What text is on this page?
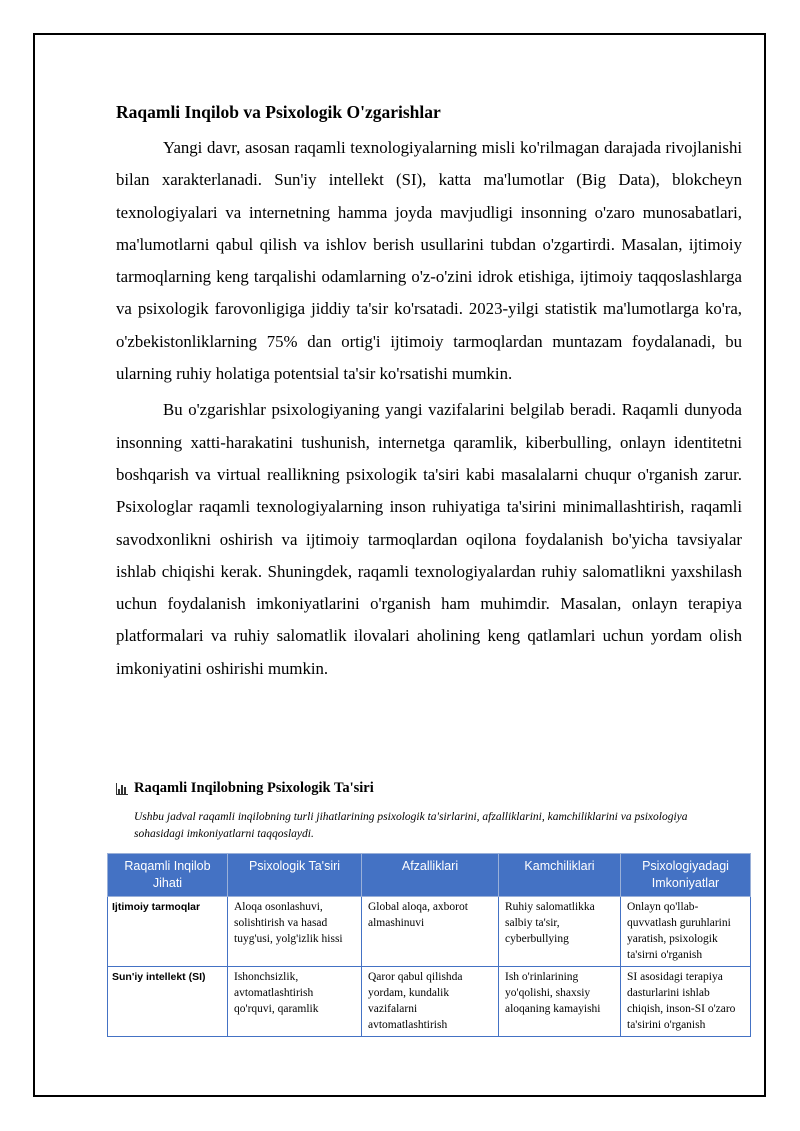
Raqamli Inqilob va Psixologik O'zgarishlar

Yangi davr, asosan raqamli texnologiyalarning misli ko'rilmagan darajada rivojlanishi bilan xarakterlanadi. Sun'iy intellekt (SI), katta ma'lumotlar (Big Data), blokcheyn texnologiyalari va internetning hamma joyda mavjudligi insonning o'zaro munosabatlari, ma'lumotlarni qabul qilish va ishlov berish usullarini tubdan o'zgartirdi. Masalan, ijtimoiy tarmoqlarning keng tarqalishi odamlarning o'z-o'zini idrok etishiga, ijtimoiy taqqoslashlarga va psixologik farovonligiga jiddiy ta'sir ko'rsatadi. 2023-yilgi statistik ma'lumotlarga ko'ra, o'zbekistonliklarning 75% dan ortig'i ijtimoiy tarmoqlardan muntazam foydalanadi, bu ularning ruhiy holatiga potentsial ta'sir ko'rsatishi mumkin.

Bu o'zgarishlar psixologiyaning yangi vazifalarini belgilab beradi. Raqamli dunyoda insonning xatti-harakatini tushunish, internetga qaramlik, kiberbulling, onlayn identitetni boshqarish va virtual reallikning psixologik ta'siri kabi masalalarni chuqur o'rganish zarur. Psixologlar raqamli texnologiyalarning inson ruhiyatiga ta'sirini minimallashtirish, raqamli savodxonlikni oshirish va ijtimoiy tarmoqlardan oqilona foydalanish bo'yicha tavsiyalar ishlab chiqishi kerak. Shuningdek, raqamli texnologiyalardan ruhiy salomatlikni yaxshilash uchun foydalanish imkoniyatlarini o'rganish ham muhimdir. Masalan, onlayn terapiya platformalari va ruhiy salomatlik ilovalari aholining keng qatlamlari uchun yordam olish imkoniyatini oshirishi mumkin.

Raqamli Inqilobning Psixologik Ta'siri
Ushbu jadval raqamli inqilobning turli jihatlarining psixologik ta'sirlarini, afzalliklarini, kamchiliklarini va psixologiya sohasidagi imkoniyatlarni taqqoslaydi.
Raqamli Inqilob Jihati	Psixologik Ta'siri	Afzalliklari	Kamchiliklari	Psixologiyadagi Imkoniyatlar
Ijtimoiy tarmoqlar	Aloqa osonlashuvi, solishtirish va hasad tuyg'usi, yolg'izlik hissi	Global aloqa, axborot almashinuvi	Ruhiy salomatlikka salbiy ta'sir, cyberbullying	Onlayn qo'llab-quvvatlash guruhlarini yaratish, psixologik ta'sirni o'rganish
Sun'iy intellekt (SI)	Ishonchsizlik, avtomatlashtirish qo'rquvi, qaramlik	Qaror qabul qilishda yordam, kundalik vazifalarni avtomatlashtirish	Ish o'rinlarining yo'qolishi, shaxsiy aloqaning kamayishi	SI asosidagi terapiya dasturlarini ishlab chiqish, inson-SI o'zaro ta'sirini o'rganish
